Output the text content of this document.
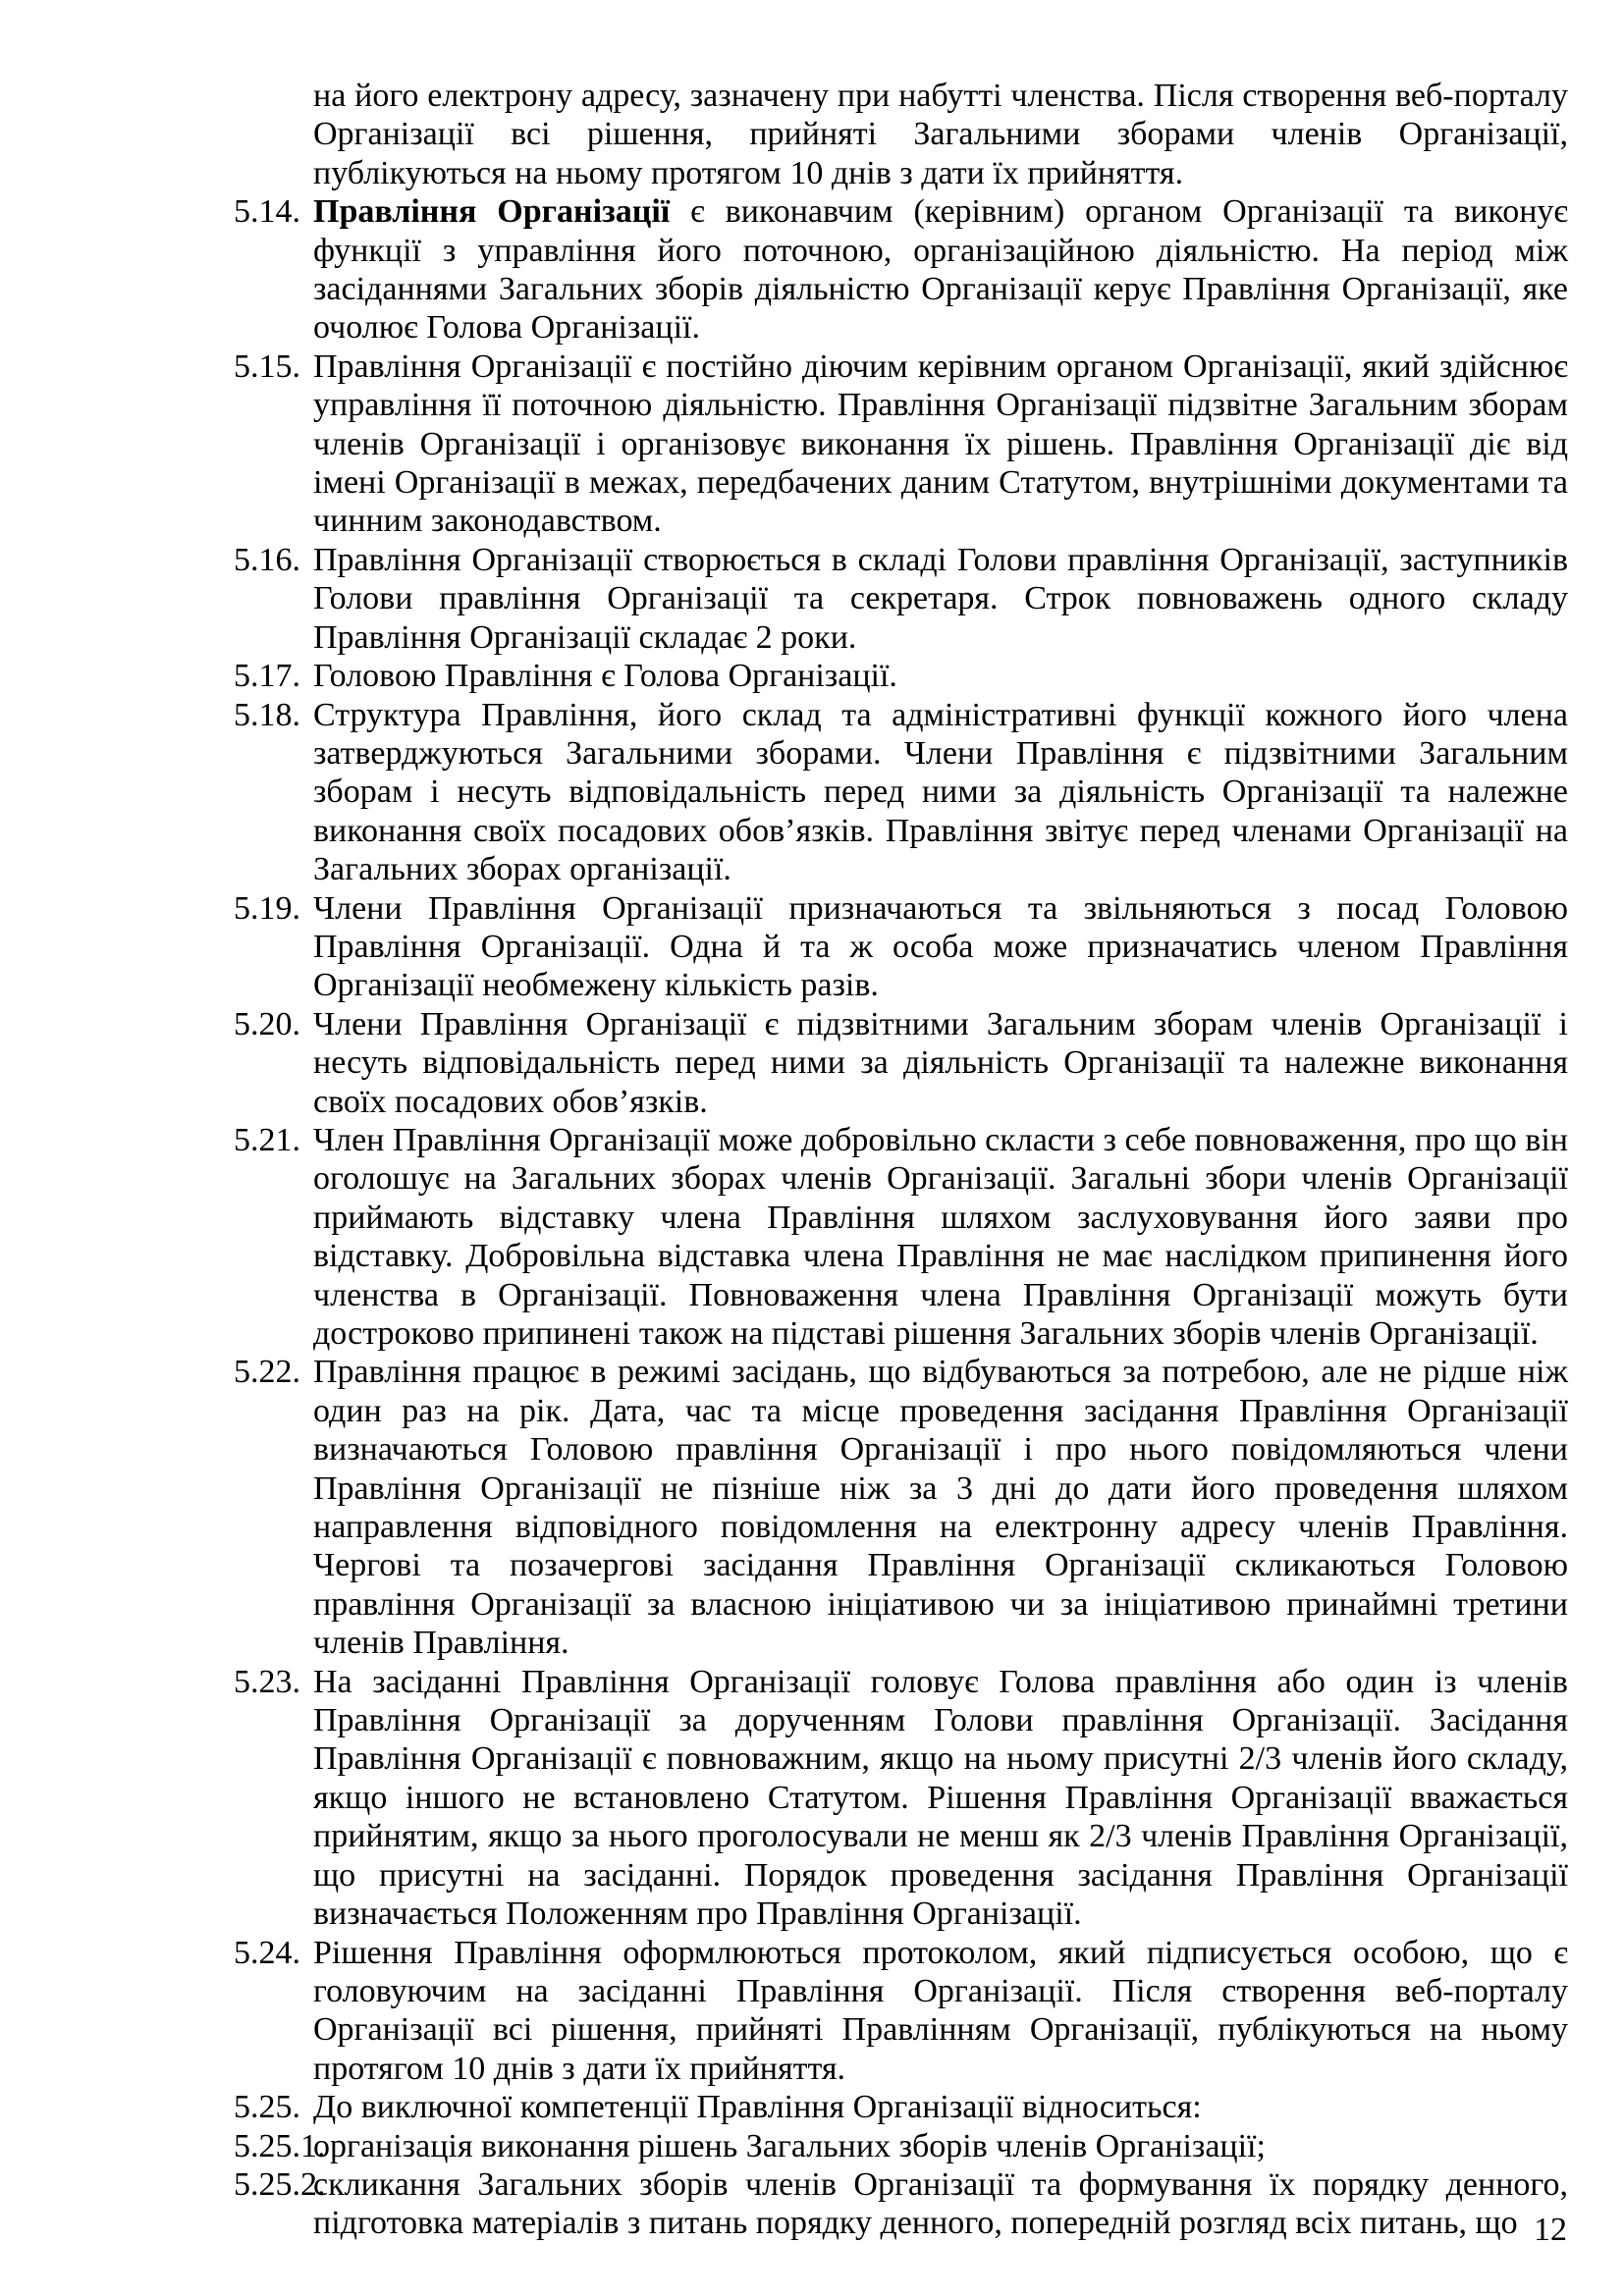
на його електрону адресу, зазначену при набутті членства. Після створення веб-порталу Організації всі рішення, прийняті Загальними зборами членів Організації, публікуються на ньому протягом 10 днів з дати їх прийняття.
5.14. Правління Організації є виконавчим (керівним) органом Організації та виконує функції з управління його поточною, організаційною діяльністю. На період між засіданнями Загальних зборів діяльністю Організації керує Правління Організації, яке очолює Голова Організації.
5.15. Правління Організації є постійно діючим керівним органом Організації, який здійснює управління її поточною діяльністю. Правління Організації підзвітне Загальним зборам членів Організації і організовує виконання їх рішень. Правління Організації діє від імені Організації в межах, передбачених даним Статутом, внутрішніми документами та чинним законодавством.
5.16. Правління Організації створюється в складі Голови правління Організації, заступників Голови правління Організації та секретаря. Строк повноважень одного складу Правління Організації складає 2 роки.
5.17. Головою Правління є Голова Організації.
5.18. Структура Правління, його склад та адміністративні функції кожного його члена затверджуються Загальними зборами. Члени Правління є підзвітними Загальним зборам і несуть відповідальність перед ними за діяльність Організації та належне виконання своїх посадових обов’язків. Правління звітує перед членами Організації на Загальних зборах організації.
5.19. Члени Правління Організації призначаються та звільняються з посад Головою Правління Організації. Одна й та ж особа може призначатись членом Правління Організації необмежену кількість разів.
5.20. Члени Правління Організації є підзвітними Загальним зборам членів Організації і несуть відповідальність перед ними за діяльність Організації та належне виконання своїх посадових обов’язків.
5.21. Член Правління Організації може добровільно скласти з себе повноваження, про що він оголошує на Загальних зборах членів Організації. Загальні збори членів Організації приймають відставку члена Правління шляхом заслуховування його заяви про відставку. Добровільна відставка члена Правління не має наслідком припинення його членства в Організації. Повноваження члена Правління Організації можуть бути достроково припинені також на підставі рішення Загальних зборів членів Організації.
5.22. Правління працює в режимі засідань, що відбуваються за потребою, але не рідше ніж один раз на рік. Дата, час та місце проведення засідання Правління Організації визначаються Головою правління Організації і про нього повідомляються члени Правління Організації не пізніше ніж за 3 дні до дати його проведення шляхом направлення відповідного повідомлення на електронну адресу членів Правління. Чергові та позачергові засідання Правління Організації скликаються Головою правління Організації за власною ініціативою чи за ініціативою принаймні третини членів Правління.
5.23. На засіданні Правління Організації головує Голова правління або один із членів Правління Організації за дорученням Голови правління Організації. Засідання Правління Організації є повноважним, якщо на ньому присутні 2/3 членів його складу, якщо іншого не встановлено Статутом. Рішення Правління Організації вважається прийнятим, якщо за нього проголосували не менш як 2/3 членів Правління Організації, що присутні на засіданні. Порядок проведення засідання Правління Організації визначається Положенням про Правління Організації.
5.24. Рішення Правління оформлюються протоколом, який підписується особою, що є головуючим на засіданні Правління Організації. Після створення веб-порталу Організації всі рішення, прийняті Правлінням Організації, публікуються на ньому протягом 10 днів з дати їх прийняття.
5.25. До виключної компетенції Правління Організації відноситься:
5.25.1.
організація виконання рішень Загальних зборів членів Організації;
5.25.2.
скликання Загальних зборів членів Організації та формування їх порядку денного, підготовка матеріалів з питань порядку денного, попередній розгляд всіх питань, що 12
